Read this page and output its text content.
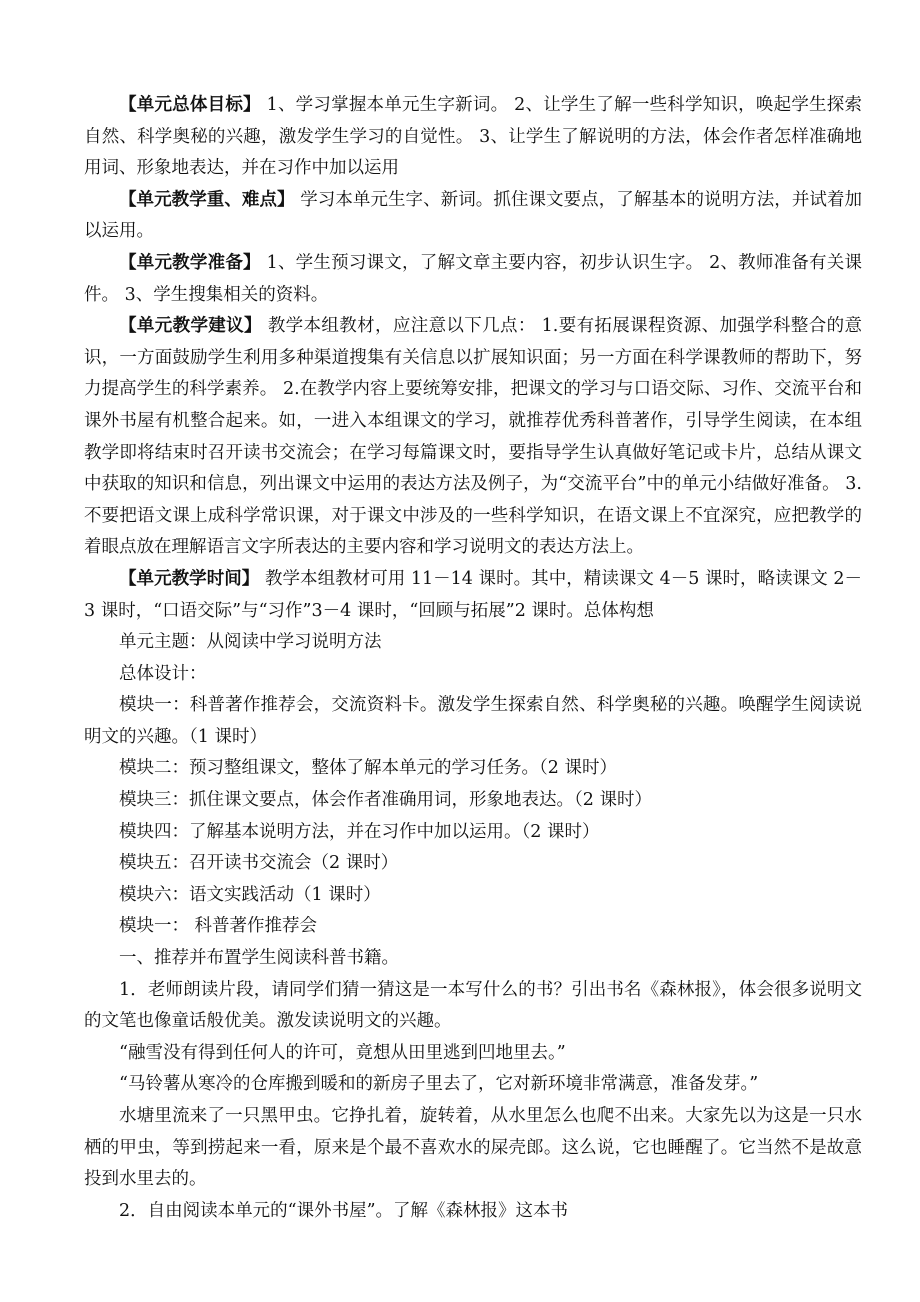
【单元总体目标】 1、学习掌握本单元生字新词。 2、让学生了解一些科学知识，唤起学生探索自然、科学奥秘的兴趣，激发学生学习的自觉性。 3、让学生了解说明的方法，体会作者怎样准确地用词、形象地表达，并在习作中加以运用

【单元教学重、难点】 学习本单元生字、新词。抓住课文要点，了解基本的说明方法，并试着加以运用。

【单元教学准备】 1、学生预习课文，了解文章主要内容，初步认识生字。 2、教师准备有关课件。 3、学生搜集相关的资料。

【单元教学建议】 教学本组教材，应注意以下几点： 1.要有拓展课程资源、加强学科整合的意识，一方面鼓励学生利用多种渠道搜集有关信息以扩展知识面；另一方面在科学课教师的帮助下，努力提高学生的科学素养。 2.在教学内容上要统筹安排，把课文的学习与口语交际、习作、交流平台和课外书屋有机整合起来。如，一进入本组课文的学习，就推荐优秀科普著作，引导学生阅读，在本组教学即将结束时召开读书交流会；在学习每篇课文时，要指导学生认真做好笔记或卡片，总结从课文中获取的知识和信息，列出课文中运用的表达方法及例子，为“交流平台”中的单元小结做好准备。 3.不要把语文课上成科学常识课，对于课文中涉及的一些科学知识，在语文课上不宜深究，应把教学的着眼点放在理解语言文字所表达的主要内容和学习说明文的表达方法上。

【单元教学时间】 教学本组教材可用 11－14 课时。其中，精读课文 4－5 课时，略读课文 2－3 课时，“口语交际”与“习作”3－4 课时，“回顾与拓展”2 课时。总体构想

单元主题：从阅读中学习说明方法

总体设计：

模块一：科普著作推荐会，交流资料卡。激发学生探索自然、科学奥秘的兴趣。唤醒学生阅读说明文的兴趣。（1 课时）

模块二：预习整组课文，整体了解本单元的学习任务。（2 课时）

模块三：抓住课文要点，体会作者准确用词，形象地表达。（2 课时）

模块四：了解基本说明方法，并在习作中加以运用。（2 课时）

模块五：召开读书交流会（2 课时）

模块六：语文实践活动（1 课时）

模块一： 科普著作推荐会

一、推荐并布置学生阅读科普书籍。

1．老师朗读片段，请同学们猜一猜这是一本写什么的书？引出书名《森林报》，体会很多说明文的文笔也像童话般优美。激发读说明文的兴趣。

“融雪没有得到任何人的许可，竟想从田里逃到凹地里去。”

“马铃薯从寒冷的仓库搬到暖和的新房子里去了，它对新环境非常满意，准备发芽。”

水塘里流来了一只黑甲虫。它挣扎着，旋转着，从水里怎么也爬不出来。大家先以为这是一只水栖的甲虫，等到捞起来一看，原来是个最不喜欢水的屎壳郎。这么说，它也睡醒了。它当然不是故意投到水里去的。

2．自由阅读本单元的“课外书屋”。了解《森林报》这本书
